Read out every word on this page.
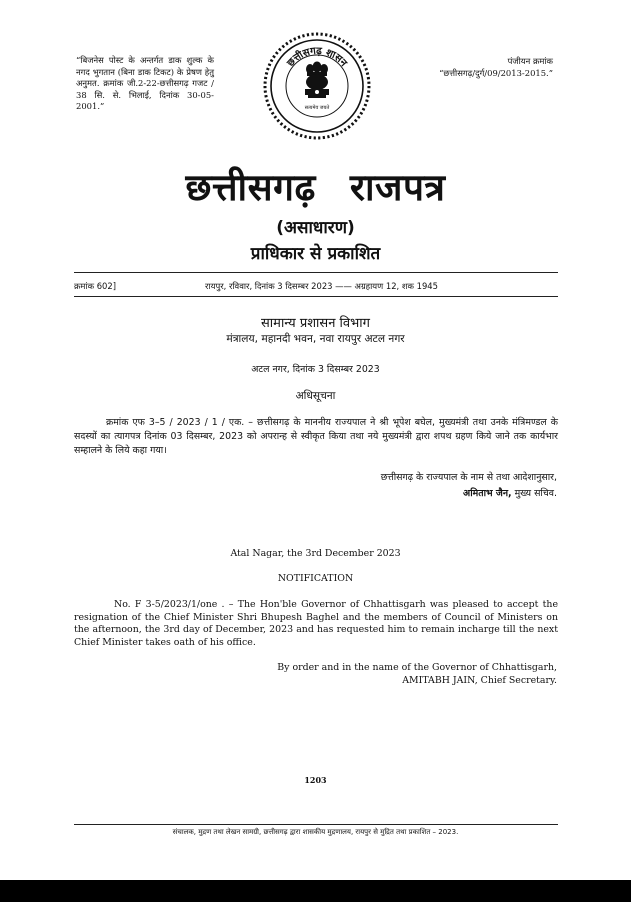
“बिजनेस पोस्ट के अन्तर्गत डाक शुल्क के नगद भुगतान (बिना डाक टिकट) के प्रेषण हेतु अनुमत. क्रमांक जी.2-22-छत्तीसगढ़ गजट / 38 सि. से. भिलाई, दिनांक 30-05-2001.”
पंजीयन क्रमांक
“छत्तीसगढ़/दुर्ग/09/2013-2015.”
छत्तीसगढ़ शासन
सत्यमेव जयते
छत्तीसगढ़ राजपत्र
(असाधारण)
प्राधिकार से प्रकाशित
क्रमांक 602]	रायपुर, रविवार, दिनांक 3 दिसम्बर 2023 —— अग्रहायण 12, शक 1945
सामान्य प्रशासन विभाग
मंत्रालय, महानदी भवन, नवा रायपुर अटल नगर
अटल नगर, दिनांक 3 दिसम्बर 2023
अधिसूचना
क्रमांक एफ 3–5 / 2023 / 1 / एक. – छत्तीसगढ़ के माननीय राज्यपाल ने श्री भूपेश बघेल, मुख्यमंत्री तथा उनके मंत्रिमण्डल के सदस्यों का त्यागपत्र दिनांक 03 दिसम्बर, 2023 को अपरान्ह से स्वीकृत किया तथा नये मुख्यमंत्री द्वारा शपथ ग्रहण किये जाने तक कार्यभार सम्हालने के लिये कहा गया।
छत्तीसगढ़ के राज्यपाल के नाम से तथा आदेशानुसार,
अमिताभ जैन, मुख्य सचिव.
Atal Nagar, the 3rd December 2023
NOTIFICATION
No. F 3-5/2023/1/one . – The Hon'ble Governor of Chhattisgarh was pleased to accept the resignation of the Chief Minister Shri Bhupesh Baghel and the members of Council of Ministers on the afternoon, the 3rd day of December, 2023 and has requested him to remain incharge till the next Chief Minister takes oath of his office.
By order and in the name of the Governor of Chhattisgarh,
AMITABH JAIN, Chief Secretary.
1203
संचालक, मुद्रण तथा लेखन सामग्री, छत्तीसगढ़ द्वारा शासकीय मुद्रणालय, रायपुर से मुद्रित तथा प्रकाशित – 2023.
